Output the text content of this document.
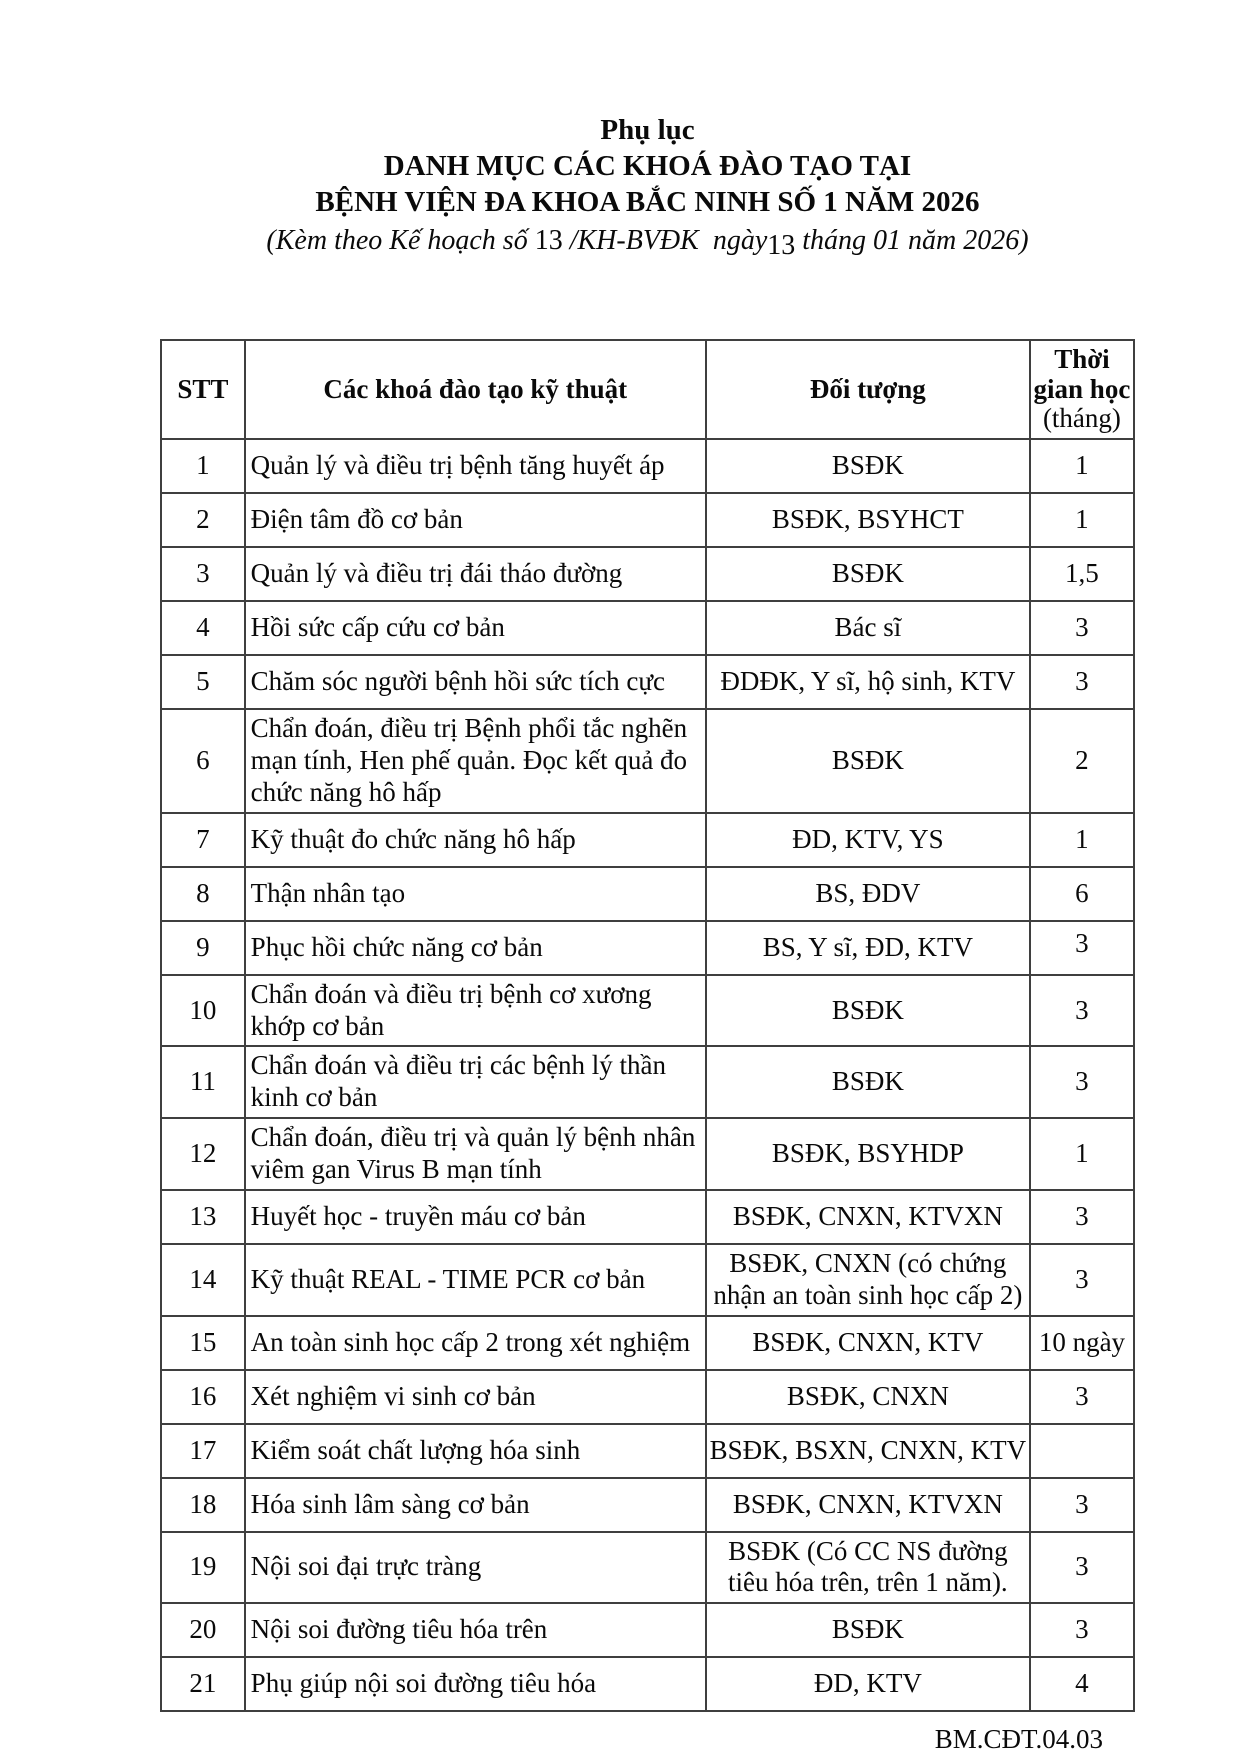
Phụ lục
DANH MỤC CÁC KHOÁ ĐÀO TẠO TẠI
BỆNH VIỆN ĐA KHOA BẮC NINH SỐ 1 NĂM 2026
(Kèm theo Kế hoạch số 13 /KH-BVĐK  ngày13 tháng 01 năm 2026)
STT	Các khoá đào tạo kỹ thuật	Đối tượng	Thời gian học
(tháng)

1	Quản lý và điều trị bệnh tăng huyết áp	BSĐK	1
2	Điện tâm đồ cơ bản	BSĐK, BSYHCT	1
3	Quản lý và điều trị đái tháo đường	BSĐK	1,5
4	Hồi sức cấp cứu cơ bản	Bác sĩ	3
5	Chăm sóc người bệnh hồi sức tích cực	ĐDĐK, Y sĩ, hộ sinh, KTV	3
6	Chẩn đoán, điều trị Bệnh phổi tắc nghẽn mạn tính, Hen phế quản. Đọc kết quả đo chức năng hô hấp	BSĐK	2
7	Kỹ thuật đo chức năng hô hấp	ĐD, KTV, YS	1
8	Thận nhân tạo	BS, ĐDV	6
9	Phục hồi chức năng cơ bản	BS, Y sĩ, ĐD, KTV	3
10	Chẩn đoán và điều trị bệnh cơ xương khớp cơ bản	BSĐK	3
11	Chẩn đoán và điều trị các bệnh lý thần kinh cơ bản	BSĐK	3
12	Chẩn đoán, điều trị và quản lý bệnh nhân viêm gan Virus B mạn tính	BSĐK, BSYHDP	1
13	Huyết học - truyền máu cơ bản	BSĐK, CNXN, KTVXN	3
14	Kỹ thuật REAL - TIME PCR cơ bản	BSĐK, CNXN (có chứng nhận an toàn sinh học cấp 2)	3
15	An toàn sinh học cấp 2 trong xét nghiệm	BSĐK, CNXN, KTV	10 ngày
16	Xét nghiệm vi sinh cơ bản	BSĐK, CNXN	3
17	Kiểm soát chất lượng hóa sinh	BSĐK, BSXN, CNXN, KTV	
18	Hóa sinh lâm sàng cơ bản	BSĐK, CNXN, KTVXN	3
19	Nội soi đại trực tràng	BSĐK (Có CC NS đường tiêu hóa trên, trên 1 năm).	3
20	Nội soi đường tiêu hóa trên	BSĐK	3
21	Phụ giúp nội soi đường tiêu hóa	ĐD, KTV	4
BM.CĐT.04.03
